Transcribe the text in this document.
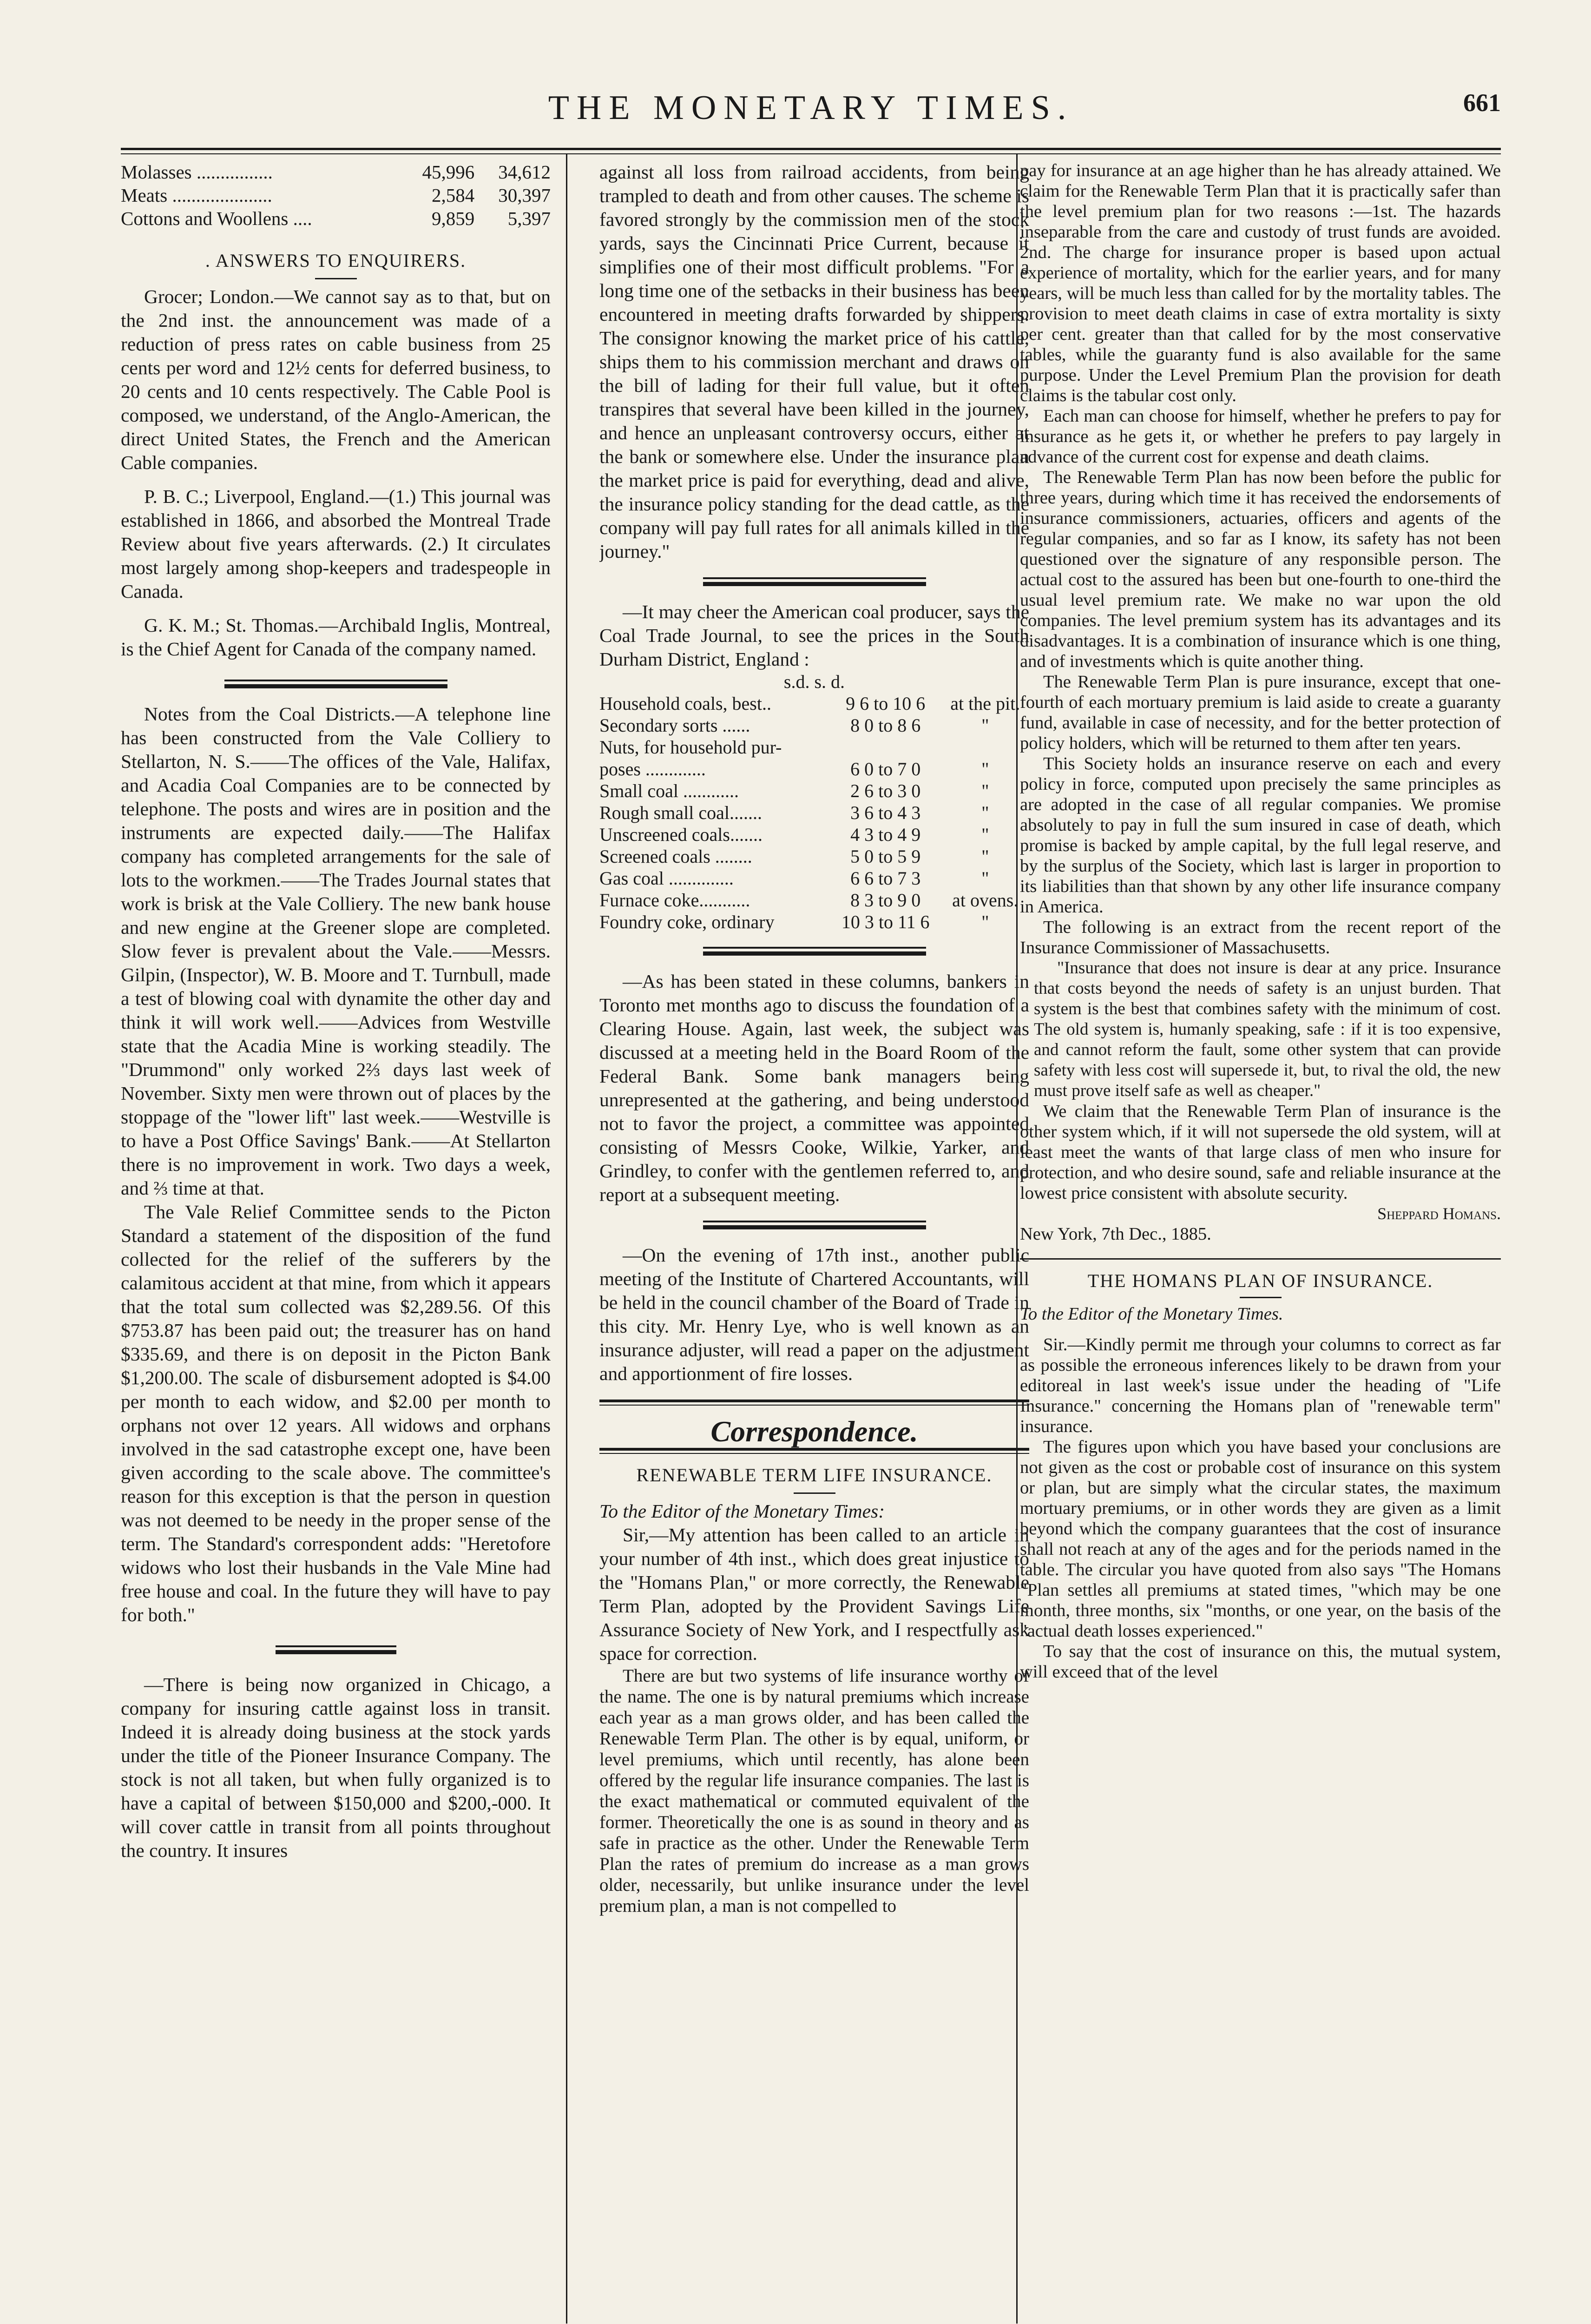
THE MONETARY TIMES.	661
Molasses ................	45,996	34,612
Meats .....................	2,584	30,397
Cottons and Woollens ....	9,859	5,397
. ANSWERS TO ENQUIRERS.

Grocer; London.—We cannot say as to that, but on the 2nd inst. the announcement was made of a reduction of press rates on cable business from 25 cents per word and 12½ cents for deferred business, to 20 cents and 10 cents respectively. The Cable Pool is composed, we understand, of the Anglo-American, the direct United States, the French and the American Cable companies.

P. B. C.; Liverpool, England.—(1.) This journal was established in 1866, and absorbed the Montreal Trade Review about five years afterwards. (2.) It circulates most largely among shop-keepers and tradespeople in Canada.

G. K. M.; St. Thomas.—Archibald Inglis, Montreal, is the Chief Agent for Canada of the company named.

Notes from the Coal Districts.—A telephone line has been constructed from the Vale Colliery to Stellarton, N. S.——The offices of the Vale, Halifax, and Acadia Coal Companies are to be connected by telephone. The posts and wires are in position and the instruments are expected daily.——The Halifax company has completed arrangements for the sale of lots to the workmen.——The Trades Journal states that work is brisk at the Vale Colliery. The new bank house and new engine at the Greener slope are completed. Slow fever is prevalent about the Vale.——Messrs. Gilpin, (Inspector), W. B. Moore and T. Turnbull, made a test of blowing coal with dynamite the other day and think it will work well.——Advices from Westville state that the Acadia Mine is working steadily. The "Drummond" only worked 2⅔ days last week of November. Sixty men were thrown out of places by the stoppage of the "lower lift" last week.——Westville is to have a Post Office Savings' Bank.——At Stellarton there is no improvement in work. Two days a week, and ⅔ time at that.

The Vale Relief Committee sends to the Picton Standard a statement of the disposition of the fund collected for the relief of the sufferers by the calamitous accident at that mine, from which it appears that the total sum collected was $2,289.56. Of this $753.87 has been paid out; the treasurer has on hand $335.69, and there is on deposit in the Picton Bank $1,200.00. The scale of disbursement adopted is $4.00 per month to each widow, and $2.00 per month to orphans not over 12 years. All widows and orphans involved in the sad catastrophe except one, have been given according to the scale above. The committee's reason for this exception is that the person in question was not deemed to be needy in the proper sense of the term. The Standard's correspondent adds: "Heretofore widows who lost their husbands in the Vale Mine had free house and coal. In the future they will have to pay for both."

—There is being now organized in Chicago, a company for insuring cattle against loss in transit. Indeed it is already doing business at the stock yards under the title of the Pioneer Insurance Company. The stock is not all taken, but when fully organized is to have a capital of between $150,000 and $200,-000. It will cover cattle in transit from all points throughout the country. It insures

against all loss from railroad accidents, from being trampled to death and from other causes. The scheme is favored strongly by the commission men of the stock yards, says the Cincinnati Price Current, because it simplifies one of their most difficult problems. "For a long time one of the setbacks in their business has been encountered in meeting drafts forwarded by shippers. The consignor knowing the market price of his cattle, ships them to his commission merchant and draws on the bill of lading for their full value, but it often transpires that several have been killed in the journey, and hence an unpleasant controversy occurs, either at the bank or somewhere else. Under the insurance plan the market price is paid for everything, dead and alive, the insurance policy standing for the dead cattle, as the company will pay full rates for all animals killed in the journey."

—It may cheer the American coal producer, says the Coal Trade Journal, to see the prices in the South Durham District, England :

s.d. s. d.
Household coals, best..	9 6 to 10 6	at the pit.
Secondary sorts ......	8 0 to 8 6	"
Nuts, for household pur-		
poses .............	6 0 to 7 0	"
Small coal ............	2 6 to 3 0	"
Rough small coal.......	3 6 to 4 3	"
Unscreened coals.......	4 3 to 4 9	"
Screened coals ........	5 0 to 5 9	"
Gas coal ..............	6 6 to 7 3	"
Furnace coke...........	8 3 to 9 0	at ovens.
Foundry coke, ordinary	10 3 to 11 6	"

—As has been stated in these columns, bankers in Toronto met months ago to discuss the foundation of a Clearing House. Again, last week, the subject was discussed at a meeting held in the Board Room of the Federal Bank. Some bank managers being unrepresented at the gathering, and being understood not to favor the project, a committee was appointed consisting of Messrs Cooke, Wilkie, Yarker, and Grindley, to confer with the gentlemen referred to, and report at a subsequent meeting.

—On the evening of 17th inst., another public meeting of the Institute of Chartered Accountants, will be held in the council chamber of the Board of Trade in this city. Mr. Henry Lye, who is well known as an insurance adjuster, will read a paper on the adjustment and apportionment of fire losses.

Correspondence.
RENEWABLE TERM LIFE INSURANCE.

To the Editor of the Monetary Times:

Sir,—My attention has been called to an article in your number of 4th inst., which does great injustice to the "Homans Plan," or more correctly, the Renewable Term Plan, adopted by the Provident Savings Life Assurance Society of New York, and I respectfully ask space for correction.

There are but two systems of life insurance worthy of the name. The one is by natural premiums which increase each year as a man grows older, and has been called the Renewable Term Plan. The other is by equal, uniform, or level premiums, which until recently, has alone been offered by the regular life insurance companies. The last is the exact mathematical or commuted equivalent of the former. Theoretically the one is as sound in theory and as safe in practice as the other. Under the Renewable Term Plan the rates of premium do increase as a man grows older, necessarily, but unlike insurance under the level premium plan, a man is not compelled to

pay for insurance at an age higher than he has already attained. We claim for the Renewable Term Plan that it is practically safer than the level premium plan for two reasons :—1st. The hazards inseparable from the care and custody of trust funds are avoided. 2nd. The charge for insurance proper is based upon actual experience of mortality, which for the earlier years, and for many years, will be much less than called for by the mortality tables. The provision to meet death claims in case of extra mortality is sixty per cent. greater than that called for by the most conservative tables, while the guaranty fund is also available for the same purpose. Under the Level Premium Plan the provision for death claims is the tabular cost only.

Each man can choose for himself, whether he prefers to pay for insurance as he gets it, or whether he prefers to pay largely in advance of the current cost for expense and death claims.

The Renewable Term Plan has now been before the public for three years, during which time it has received the endorsements of insurance commissioners, actuaries, officers and agents of the regular companies, and so far as I know, its safety has not been questioned over the signature of any responsible person. The actual cost to the assured has been but one-fourth to one-third the usual level premium rate. We make no war upon the old companies. The level premium system has its advantages and its disadvantages. It is a combination of insurance which is one thing, and of investments which is quite another thing.

The Renewable Term Plan is pure insurance, except that one-fourth of each mortuary premium is laid aside to create a guaranty fund, available in case of necessity, and for the better protection of policy holders, which will be returned to them after ten years.

This Society holds an insurance reserve on each and every policy in force, computed upon precisely the same principles as are adopted in the case of all regular companies. We promise absolutely to pay in full the sum insured in case of death, which promise is backed by ample capital, by the full legal reserve, and by the surplus of the Society, which last is larger in proportion to its liabilities than that shown by any other life insurance company in America.

The following is an extract from the recent report of the Insurance Commissioner of Massachusetts.

"Insurance that does not insure is dear at any price. Insurance that costs beyond the needs of safety is an unjust burden. That system is the best that combines safety with the minimum of cost. The old system is, humanly speaking, safe : if it is too expensive, and cannot reform the fault, some other system that can provide safety with less cost will supersede it, but, to rival the old, the new must prove itself safe as well as cheaper."

We claim that the Renewable Term Plan of insurance is the other system which, if it will not supersede the old system, will at least meet the wants of that large class of men who insure for protection, and who desire sound, safe and reliable insurance at the lowest price consistent with absolute security.

Sheppard Homans.

New York, 7th Dec., 1885.

THE HOMANS PLAN OF INSURANCE.

To the Editor of the Monetary Times.

Sir.—Kindly permit me through your columns to correct as far as possible the erroneous inferences likely to be drawn from your editoreal in last week's issue under the heading of "Life Insurance." concerning the Homans plan of "renewable term" insurance.

The figures upon which you have based your conclusions are not given as the cost or probable cost of insurance on this system or plan, but are simply what the circular states, the maximum mortuary premiums, or in other words they are given as a limit beyond which the company guarantees that the cost of insurance shall not reach at any of the ages and for the periods named in the table. The circular you have quoted from also says "The Homans "Plan settles all premiums at stated times, "which may be one month, three months, six "months, or one year, on the basis of the "actual death losses experienced."

To say that the cost of insurance on this, the mutual system, will exceed that of the level
